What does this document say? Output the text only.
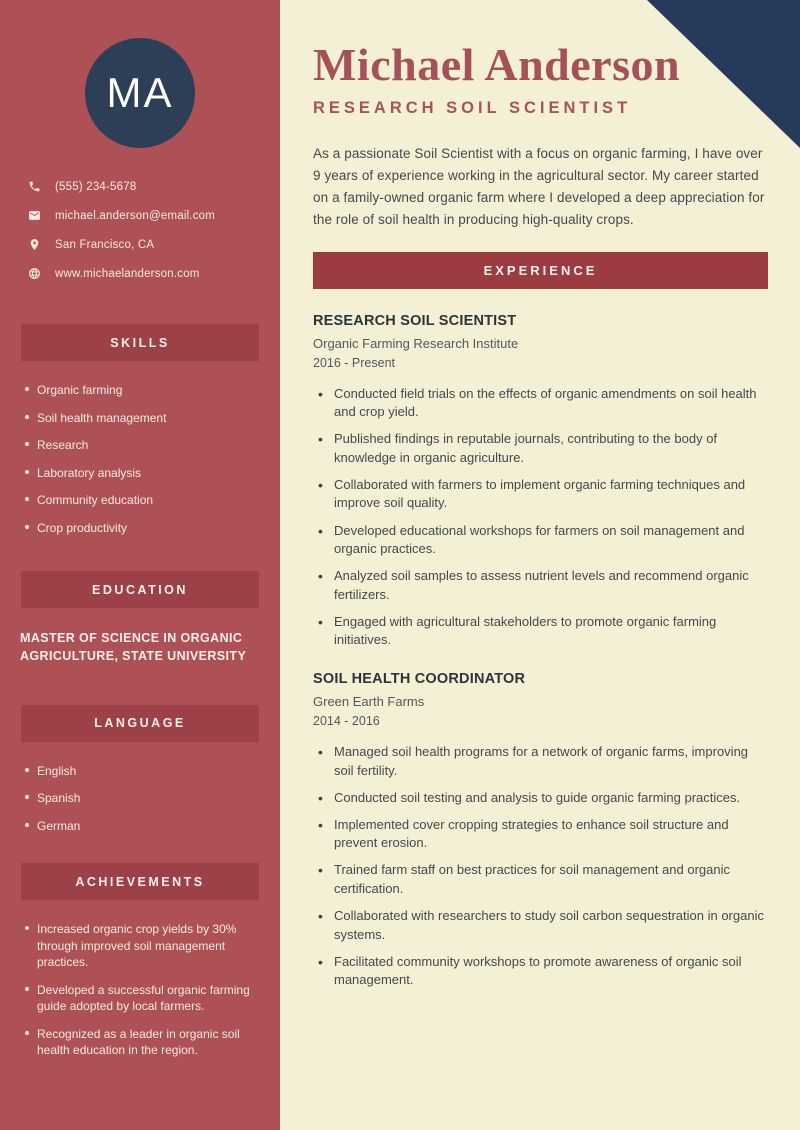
MA
(555) 234-5678
michael.anderson@email.com
San Francisco, CA
www.michaelanderson.com
SKILLS
Organic farming
Soil health management
Research
Laboratory analysis
Community education
Crop productivity
EDUCATION

MASTER OF SCIENCE IN ORGANIC AGRICULTURE, STATE UNIVERSITY

LANGUAGE
English
Spanish
German
ACHIEVEMENTS
Increased organic crop yields by 30% through improved soil management practices.
Developed a successful organic farming guide adopted by local farmers.
Recognized as a leader in organic soil health education in the region.
Michael Anderson
RESEARCH SOIL SCIENTIST

As a passionate Soil Scientist with a focus on organic farming, I have over 9 years of experience working in the agricultural sector. My career started on a family-owned organic farm where I developed a deep appreciation for the role of soil health in producing high-quality crops.

EXPERIENCE
RESEARCH SOIL SCIENTIST
Organic Farming Research Institute
2016 - Present
• Conducted field trials on the effects of organic amendments on soil health and crop yield.
• Published findings in reputable journals, contributing to the body of knowledge in organic agriculture.
• Collaborated with farmers to implement organic farming techniques and improve soil quality.
• Developed educational workshops for farmers on soil management and organic practices.
• Analyzed soil samples to assess nutrient levels and recommend organic fertilizers.
• Engaged with agricultural stakeholders to promote organic farming initiatives.
SOIL HEALTH COORDINATOR
Green Earth Farms
2014 - 2016
• Managed soil health programs for a network of organic farms, improving soil fertility.
• Conducted soil testing and analysis to guide organic farming practices.
• Implemented cover cropping strategies to enhance soil structure and prevent erosion.
• Trained farm staff on best practices for soil management and organic certification.
• Collaborated with researchers to study soil carbon sequestration in organic systems.
• Facilitated community workshops to promote awareness of organic soil management.
